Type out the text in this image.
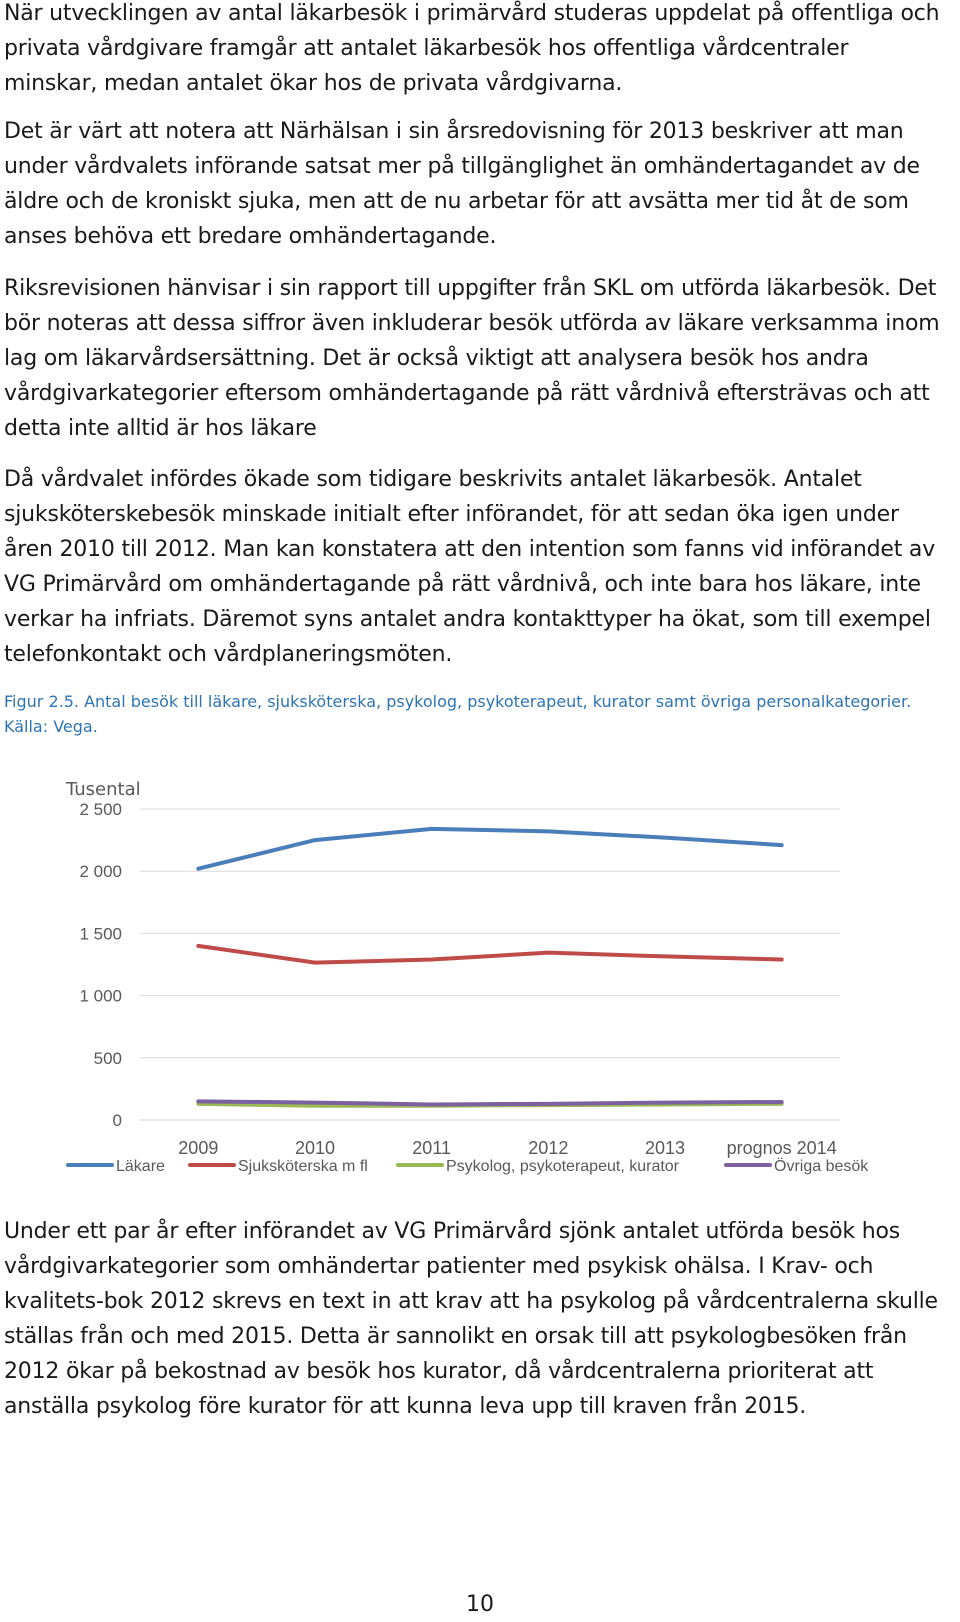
När utvecklingen av antal läkarbesök i primärvård studeras uppdelat på offentliga och privata vårdgivare framgår att antalet läkarbesök hos offentliga vårdcentraler minskar, medan antalet ökar hos de privata vårdgivarna.

Det är värt att notera att Närhälsan i sin årsredovisning för 2013 beskriver att man under vårdvalets införande satsat mer på tillgänglighet än omhändertagandet av de äldre och de kroniskt sjuka, men att de nu arbetar för att avsätta mer tid åt de som anses behöva ett bredare omhändertagande.

Riksrevisionen hänvisar i sin rapport till uppgifter från SKL om utförda läkarbesök. Det bör noteras att dessa siffror även inkluderar besök utförda av läkare verksamma inom lag om läkarvårdsersättning. Det är också viktigt att analysera besök hos andra vårdgivarkategorier eftersom omhändertagande på rätt vårdnivå eftersträvas och att detta inte alltid är hos läkare

Då vårdvalet infördes ökade som tidigare beskrivits antalet läkarbesök. Antalet sjuksköterskebesök minskade initialt efter införandet, för att sedan öka igen under åren 2010 till 2012. Man kan konstatera att den intention som fanns vid införandet av VG Primärvård om omhändertagande på rätt vårdnivå, och inte bara hos läkare, inte verkar ha infriats. Däremot syns antalet andra kontakttyper ha ökat, som till exempel telefonkontakt och vårdplaneringsmöten.

Figur 2.5. Antal besök till läkare, sjuksköterska, psykolog, psykoterapeut, kurator samt övriga personalkategorier. Källa: Vega.

0
500
1 000
1 500
2 000
2 500
2009	2010	2011	2012	2013 prognos 2014
Läkare	Sjuksköterska m fl	Psykolog, psykoterapeut, kurator	Övriga besök
Tusental

Under ett par år efter införandet av VG Primärvård sjönk antalet utförda besök hos vårdgivarkategorier som omhändertar patienter med psykisk ohälsa. I Krav- och kvalitets-bok 2012 skrevs en text in att krav att ha psykolog på vårdcentralerna skulle ställas från och med 2015. Detta är sannolikt en orsak till att psykologbesöken från 2012 ökar på bekostnad av besök hos kurator, då vårdcentralerna prioriterat att anställa psykolog före kurator för att kunna leva upp till kraven från 2015.

10
